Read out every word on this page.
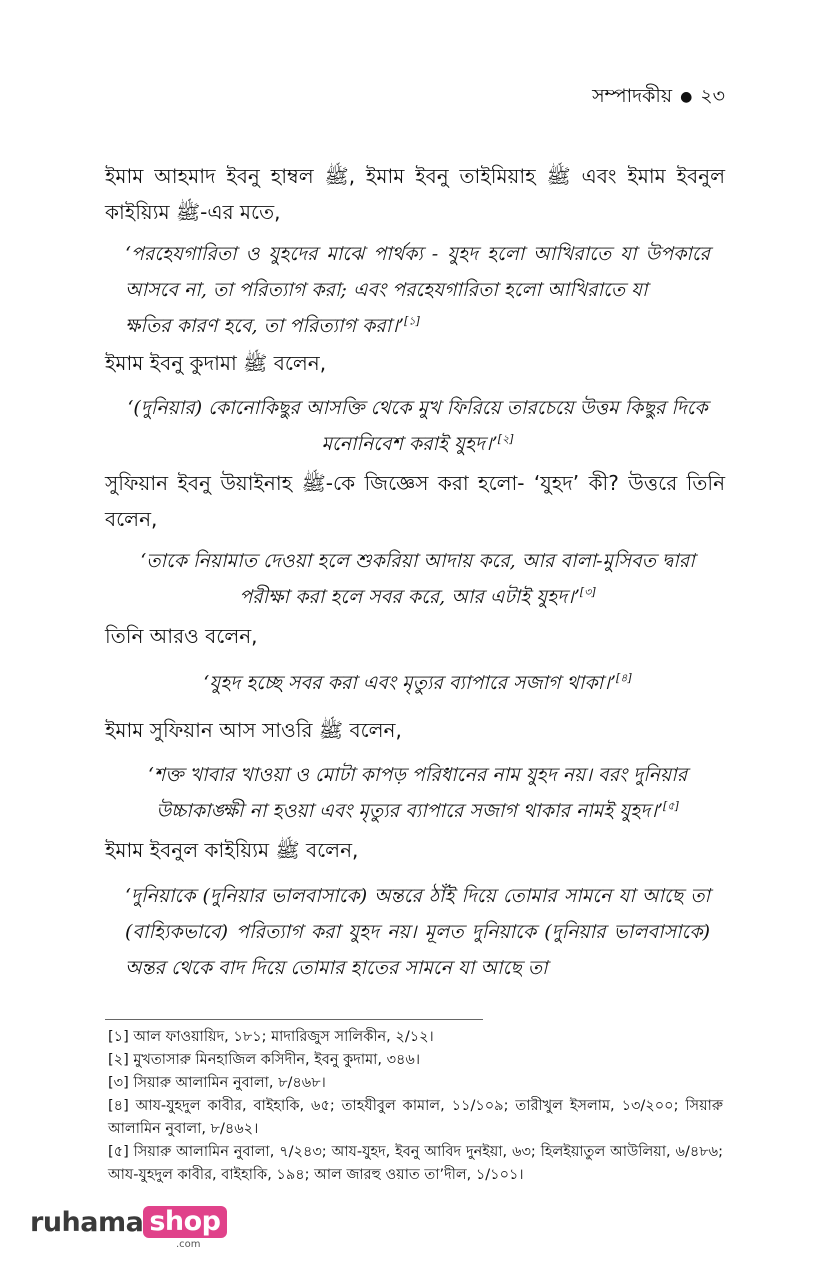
সম্পাদকীয় ● ২৩
ইমাম আহমাদ ইবনু হাম্বল ﷺ, ইমাম ইবনু তাইমিয়াহ ﷺ এবং ইমাম ইবনুল কাইয়্যিম ﷺ-এর মতে,
‘পরহেযগারিতা ও যুহদের মাঝে পার্থক্য - যুহদ হলো আখিরাতে যা উপকারে আসবে না, তা পরিত্যাগ করা; এবং পরহেযগারিতা হলো আখিরাতে যা
ক্ষতির কারণ হবে, তা পরিত্যাগ করা।’[১]
ইমাম ইবনু কুদামা ﷺ বলেন,
‘(দুনিয়ার) কোনোকিছুর আসক্তি থেকে মুখ ফিরিয়ে তারচেয়ে উত্তম কিছুর দিকে মনোনিবেশ করাই যুহদ।’[২]
সুফিয়ান ইবনু উয়াইনাহ ﷺ-কে জিজ্ঞেস করা হলো- ‘যুহদ’ কী? উত্তরে তিনি বলেন,
‘তাকে নিয়ামাত দেওয়া হলে শুকরিয়া আদায় করে, আর বালা-মুসিবত দ্বারা পরীক্ষা করা হলে সবর করে, আর এটাই যুহদ।’[৩]
তিনি আরও বলেন,
‘যুহদ হচ্ছে সবর করা এবং মৃত্যুর ব্যাপারে সজাগ থাকা।’[৪]
ইমাম সুফিয়ান আস সাওরি ﷺ বলেন,
‘শক্ত খাবার খাওয়া ও মোটা কাপড় পরিধানের নাম যুহদ নয়। বরং দুনিয়ার উচ্চাকাঙ্ক্ষী না হওয়া এবং মৃত্যুর ব্যাপারে সজাগ থাকার নামই যুহদ।’[৫]
ইমাম ইবনুল কাইয়্যিম ﷺ বলেন,
‘দুনিয়াকে (দুনিয়ার ভালবাসাকে) অন্তরে ঠাঁই দিয়ে তোমার সামনে যা আছে তা (বাহ্যিকভাবে) পরিত্যাগ করা যুহদ নয়। মূলত দুনিয়াকে (দুনিয়ার ভালবাসাকে) অন্তর থেকে বাদ দিয়ে তোমার হাতের সামনে যা আছে তা

[১] আল ফাওয়ায়িদ, ১৮১; মাদারিজুস সালিকীন, ২/১২।

[২] মুখতাসারু মিনহাজিল কসিদীন, ইবনু কুদামা, ৩৪৬।

[৩] সিয়ারু আলামিন নুবালা, ৮/৪৬৮।

[৪] আয-যুহদুল কাবীর, বাইহাকি, ৬৫; তাহযীবুল কামাল, ১১/১০৯; তারীখুল ইসলাম, ১৩/২০০; সিয়ারু আলামিন নুবালা, ৮/৪৬২।

[৫] সিয়ারু আলামিন নুবালা, ৭/২৪৩; আয-যুহদ, ইবনু আবিদ দুনইয়া, ৬৩; হিলইয়াতুল আউলিয়া, ৬/৪৮৬; আয-যুহদুল কাবীর, বাইহাকি, ১৯৪; আল জারহু ওয়াত তা’দীল, ১/১০১।

ruhama shop
.com
